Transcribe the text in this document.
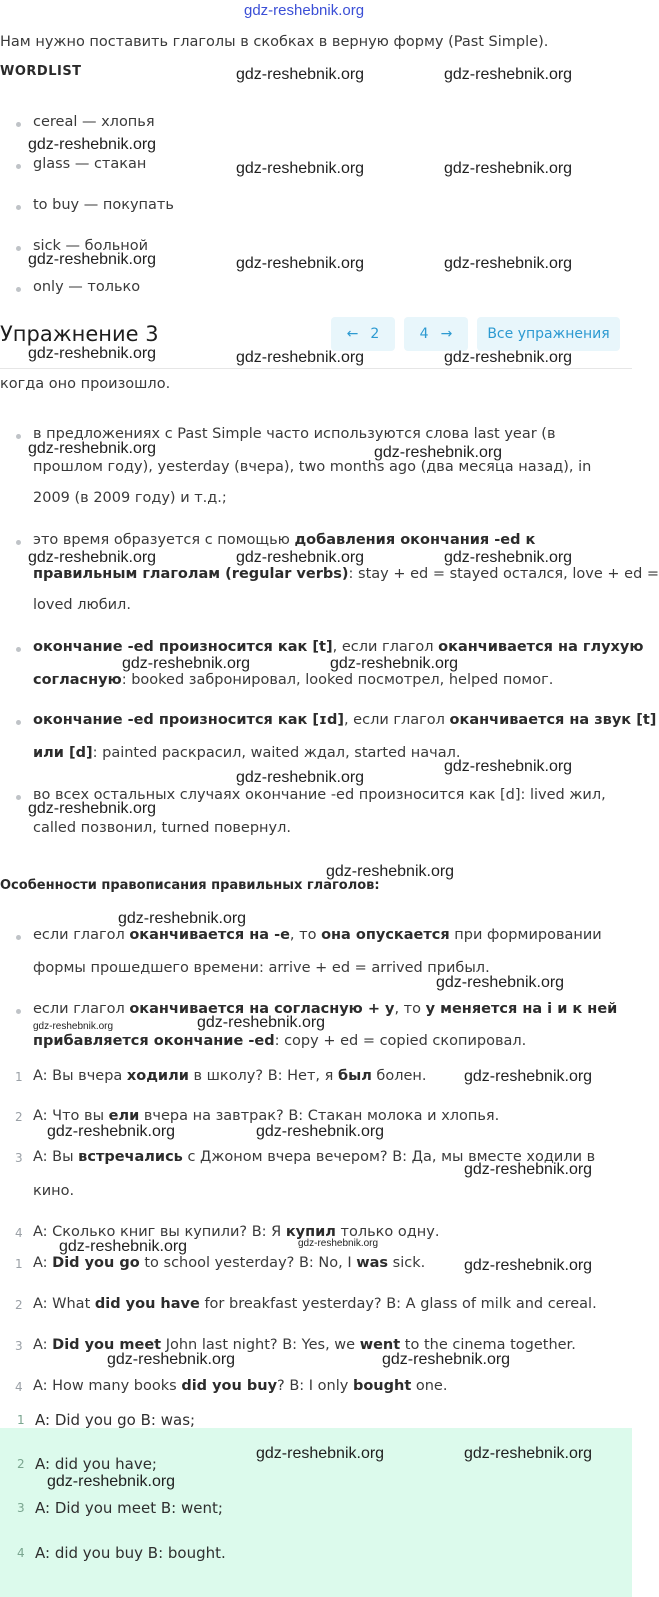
gdz-reshebnik.org
Нам нужно поставить глаголы в скобках в верную форму (Past Simple).
WORDLIST
cereal — хлопья
glass — стакан
to buy — покупать
sick — больной
only — только
Упражнение 3	← 2	4 →	Все упражнения
когда оно произошло.
в предложениях с Past Simple часто используются слова last year (в
прошлом году), yesterday (вчера), two months ago (два месяца назад), in
2009 (в 2009 году) и т.д.;
это время образуется с помощью добавления окончания -ed к
правильным глаголам (regular verbs): stay + ed = stayed остался, love + ed =
loved любил.
окончание -ed произносится как [t], если глагол оканчивается на глухую
согласную: booked забронировал, looked посмотрел, helped помог.
окончание -ed произносится как [ɪd], если глагол оканчивается на звук [t]
или [d]: painted раскрасил, waited ждал, started начал.
во всех остальных случаях окончание -ed произносится как [d]: lived жил,
called позвонил, turned повернул.
Особенности правописания правильных глаголов:
если глагол оканчивается на -е, то она опускается при формировании
формы прошедшего времени: arrive + ed = arrived прибыл.
если глагол оканчивается на согласную + у, то у меняется на i и к ней
прибавляется окончание -ed: copy + ed = copied скопировал.
1 A: Вы вчера ходили в школу? B: Нет, я был болен.
2 A: Что вы ели вчера на завтрак? B: Стакан молока и хлопья.
3 A: Вы встречались с Джоном вчера вечером? B: Да, мы вместе ходили в
кино.
4 A: Сколько книг вы купили? B: Я купил только одну.
1 A: Did you go to school yesterday? B: No, I was sick.
2 A: What did you have for breakfast yesterday? B: A glass of milk and cereal.
3 A: Did you meet John last night? B: Yes, we went to the cinema together.
4 A: How many books did you buy? B: I only bought one.
1 A: Did you go B: was;
2 A: did you have;
3 A: Did you meet B: went;
4 A: did you buy B: bought.
gdz-reshebnik.org	gdz-reshebnik.org
gdz-reshebnik.org
gdz-reshebnik.org	gdz-reshebnik.org
gdz-reshebnik.org	gdz-reshebnik.org	gdz-reshebnik.org
gdz-reshebnik.org	gdz-reshebnik.org	gdz-reshebnik.org
gdz-reshebnik.org	gdz-reshebnik.org
gdz-reshebnik.org	gdz-reshebnik.org	gdz-reshebnik.org
gdz-reshebnik.org	gdz-reshebnik.org
gdz-reshebnik.org
gdz-reshebnik.org
gdz-reshebnik.org
gdz-reshebnik.org
gdz-reshebnik.org
gdz-reshebnik.org
gdz-reshebnik.org
gdz-reshebnik.org
gdz-reshebnik.org
gdz-reshebnik.org	gdz-reshebnik.org
gdz-reshebnik.org
gdz-reshebnik.org	gdz-reshebnik.org
gdz-reshebnik.org
gdz-reshebnik.org	gdz-reshebnik.org
gdz-reshebnik.org	gdz-reshebnik.org
gdz-reshebnik.org
